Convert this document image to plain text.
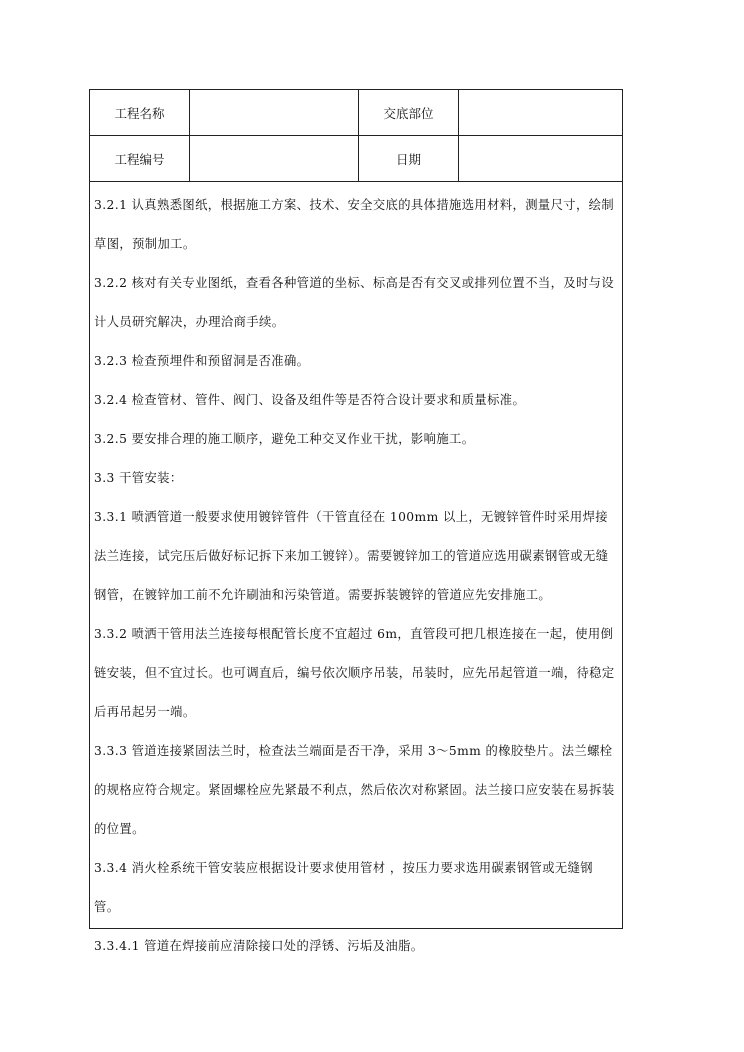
工程名称		交底部位	
工程编号		日期	

3.2.1 认真熟悉图纸，根据施工方案、技术、安全交底的具体措施选用材料，测量尺寸，绘制草图，预制加工。

3.2.2 核对有关专业图纸，查看各种管道的坐标、标高是否有交叉或排列位置不当，及时与设计人员研究解决，办理洽商手续。

3.2.3 检查预埋件和预留洞是否准确。

3.2.4 检查管材、管件、阀门、设备及组件等是否符合设计要求和质量标准。

3.2.5 要安排合理的施工顺序，避免工种交叉作业干扰，影响施工。

3.3 干管安装：

3.3.1 喷洒管道一般要求使用镀锌管件（干管直径在 100mm 以上，无镀锌管件时采用焊接法兰连接，试完压后做好标记拆下来加工镀锌）。需要镀锌加工的管道应选用碳素钢管或无缝钢管，在镀锌加工前不允许刷油和污染管道。需要拆装镀锌的管道应先安排施工。

3.3.2 喷洒干管用法兰连接每根配管长度不宜超过 6m，直管段可把几根连接在一起，使用倒链安装，但不宜过长。也可调直后，编号依次顺序吊装，吊装时，应先吊起管道一端，待稳定后再吊起另一端。

3.3.3 管道连接紧固法兰时，检查法兰端面是否干净，采用 3～5mm 的橡胶垫片。法兰螺栓的规格应符合规定。紧固螺栓应先紧最不利点，然后依次对称紧固。法兰接口应安装在易拆装的位置。

3.3.4 消火栓系统干管安装应根据设计要求使用管材 ，按压力要求选用碳素钢管或无缝钢管。

3.3.4.1 管道在焊接前应清除接口处的浮锈、污垢及油脂。
